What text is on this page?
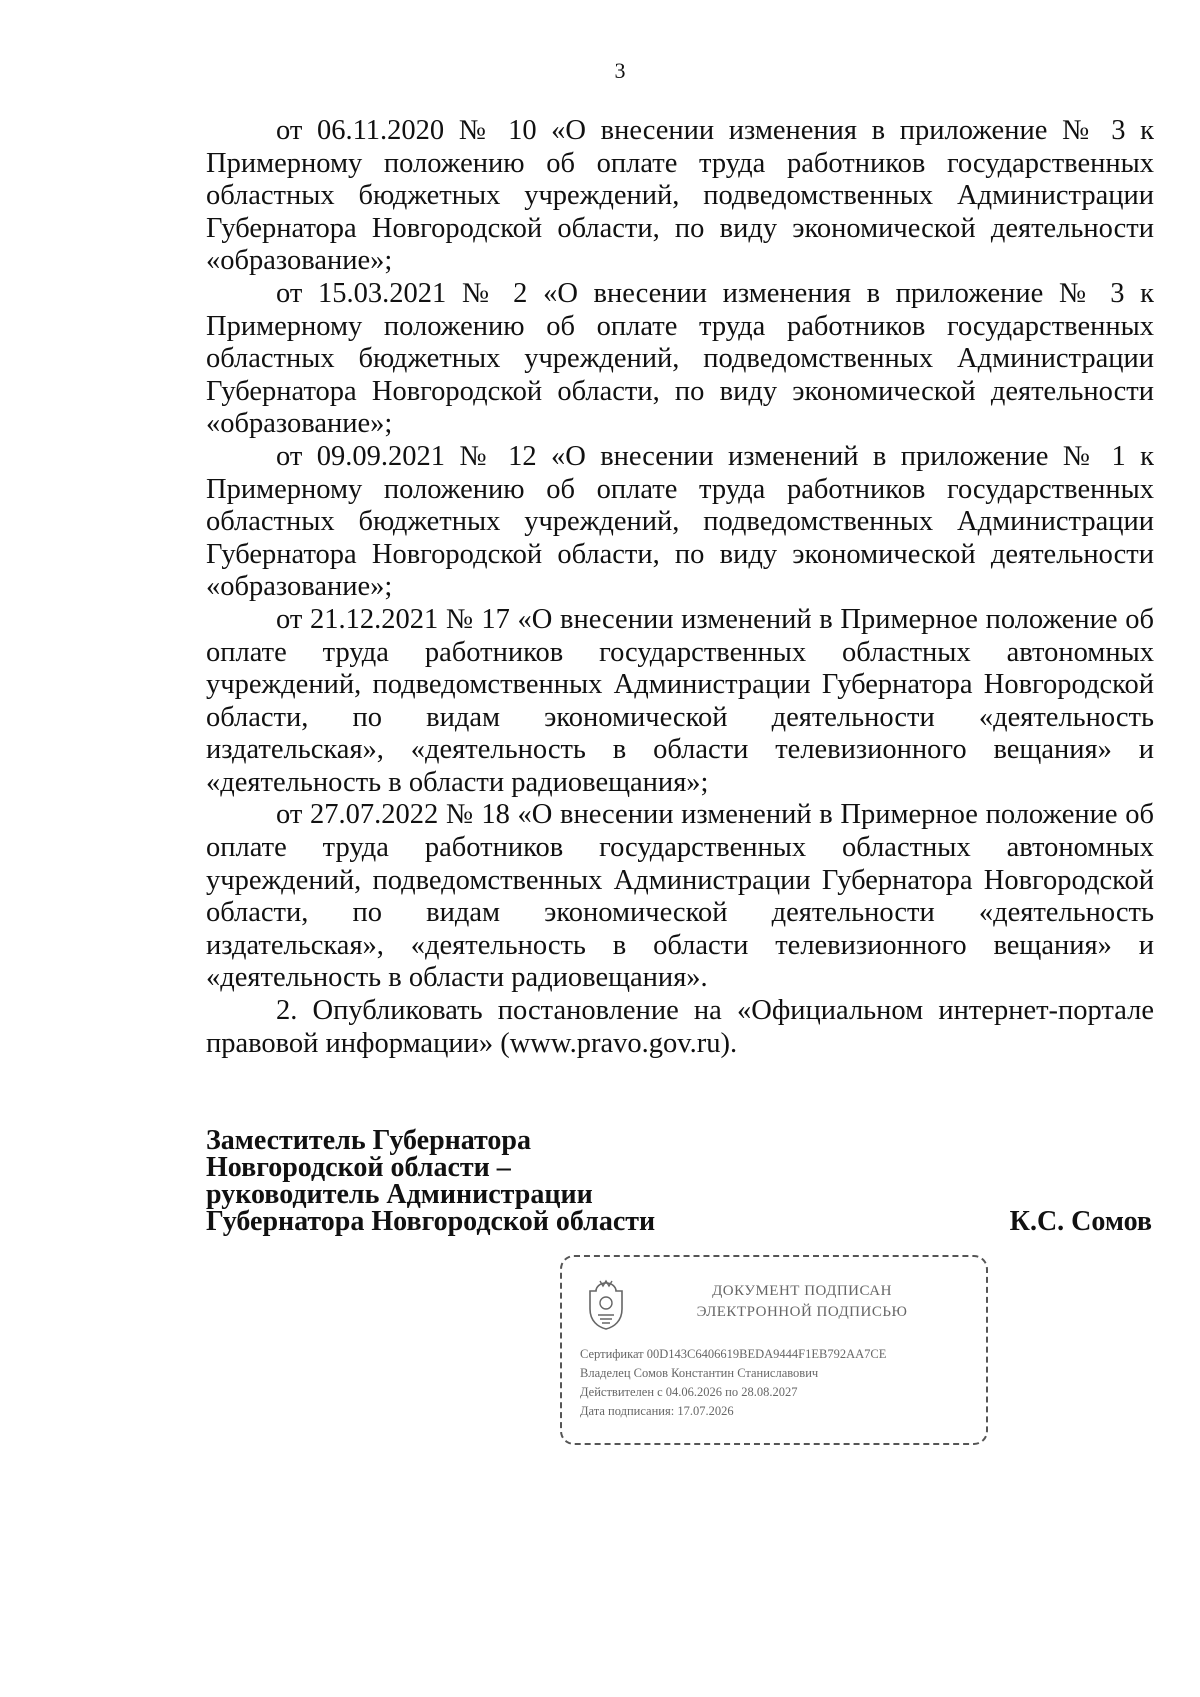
3

от 06.11.2020 № 10 «О внесении изменения в приложение № 3 к Примерному положению об оплате труда работников государственных областных бюджетных учреждений, подведомственных Администрации Губернатора Новгородской области, по виду экономической деятельности «образование»;

от 15.03.2021 № 2 «О внесении изменения в приложение № 3 к Примерному положению об оплате труда работников государственных областных бюджетных учреждений, подведомственных Администрации Губернатора Новгородской области, по виду экономической деятельности «образование»;

от 09.09.2021 № 12 «О внесении изменений в приложение № 1 к Примерному положению об оплате труда работников государственных областных бюджетных учреждений, подведомственных Администрации Губернатора Новгородской области, по виду экономической деятельности «образование»;

от 21.12.2021 № 17 «О внесении изменений в Примерное положение об оплате труда работников государственных областных автономных учреждений, подведомственных Администрации Губернатора Новгородской области, по видам экономической деятельности «деятельность издательская», «деятельность в области телевизионного вещания» и «деятельность в области радиовещания»;

от 27.07.2022 № 18 «О внесении изменений в Примерное положение об оплате труда работников государственных областных автономных учреждений, подведомственных Администрации Губернатора Новгородской области, по видам экономической деятельности «деятельность издательская», «деятельность в области телевизионного вещания» и «деятельность в области радиовещания».

2. Опубликовать постановление на «Официальном интернет-портале правовой информации» (www.pravo.gov.ru).

Заместитель Губернатора
Новгородской области –
руководитель Администрации
Губернатора Новгородской области	К.С. Сомов
ДОКУМЕНТ ПОДПИСАН
ЭЛЕКТРОННОЙ ПОДПИСЬЮ
Сертификат 00D143C6406619BEDA9444F1EB792AA7CE
Владелец Сомов Константин Станиславович
Действителен с 04.06.2026 по 28.08.2027
Дата подписания: 17.07.2026
